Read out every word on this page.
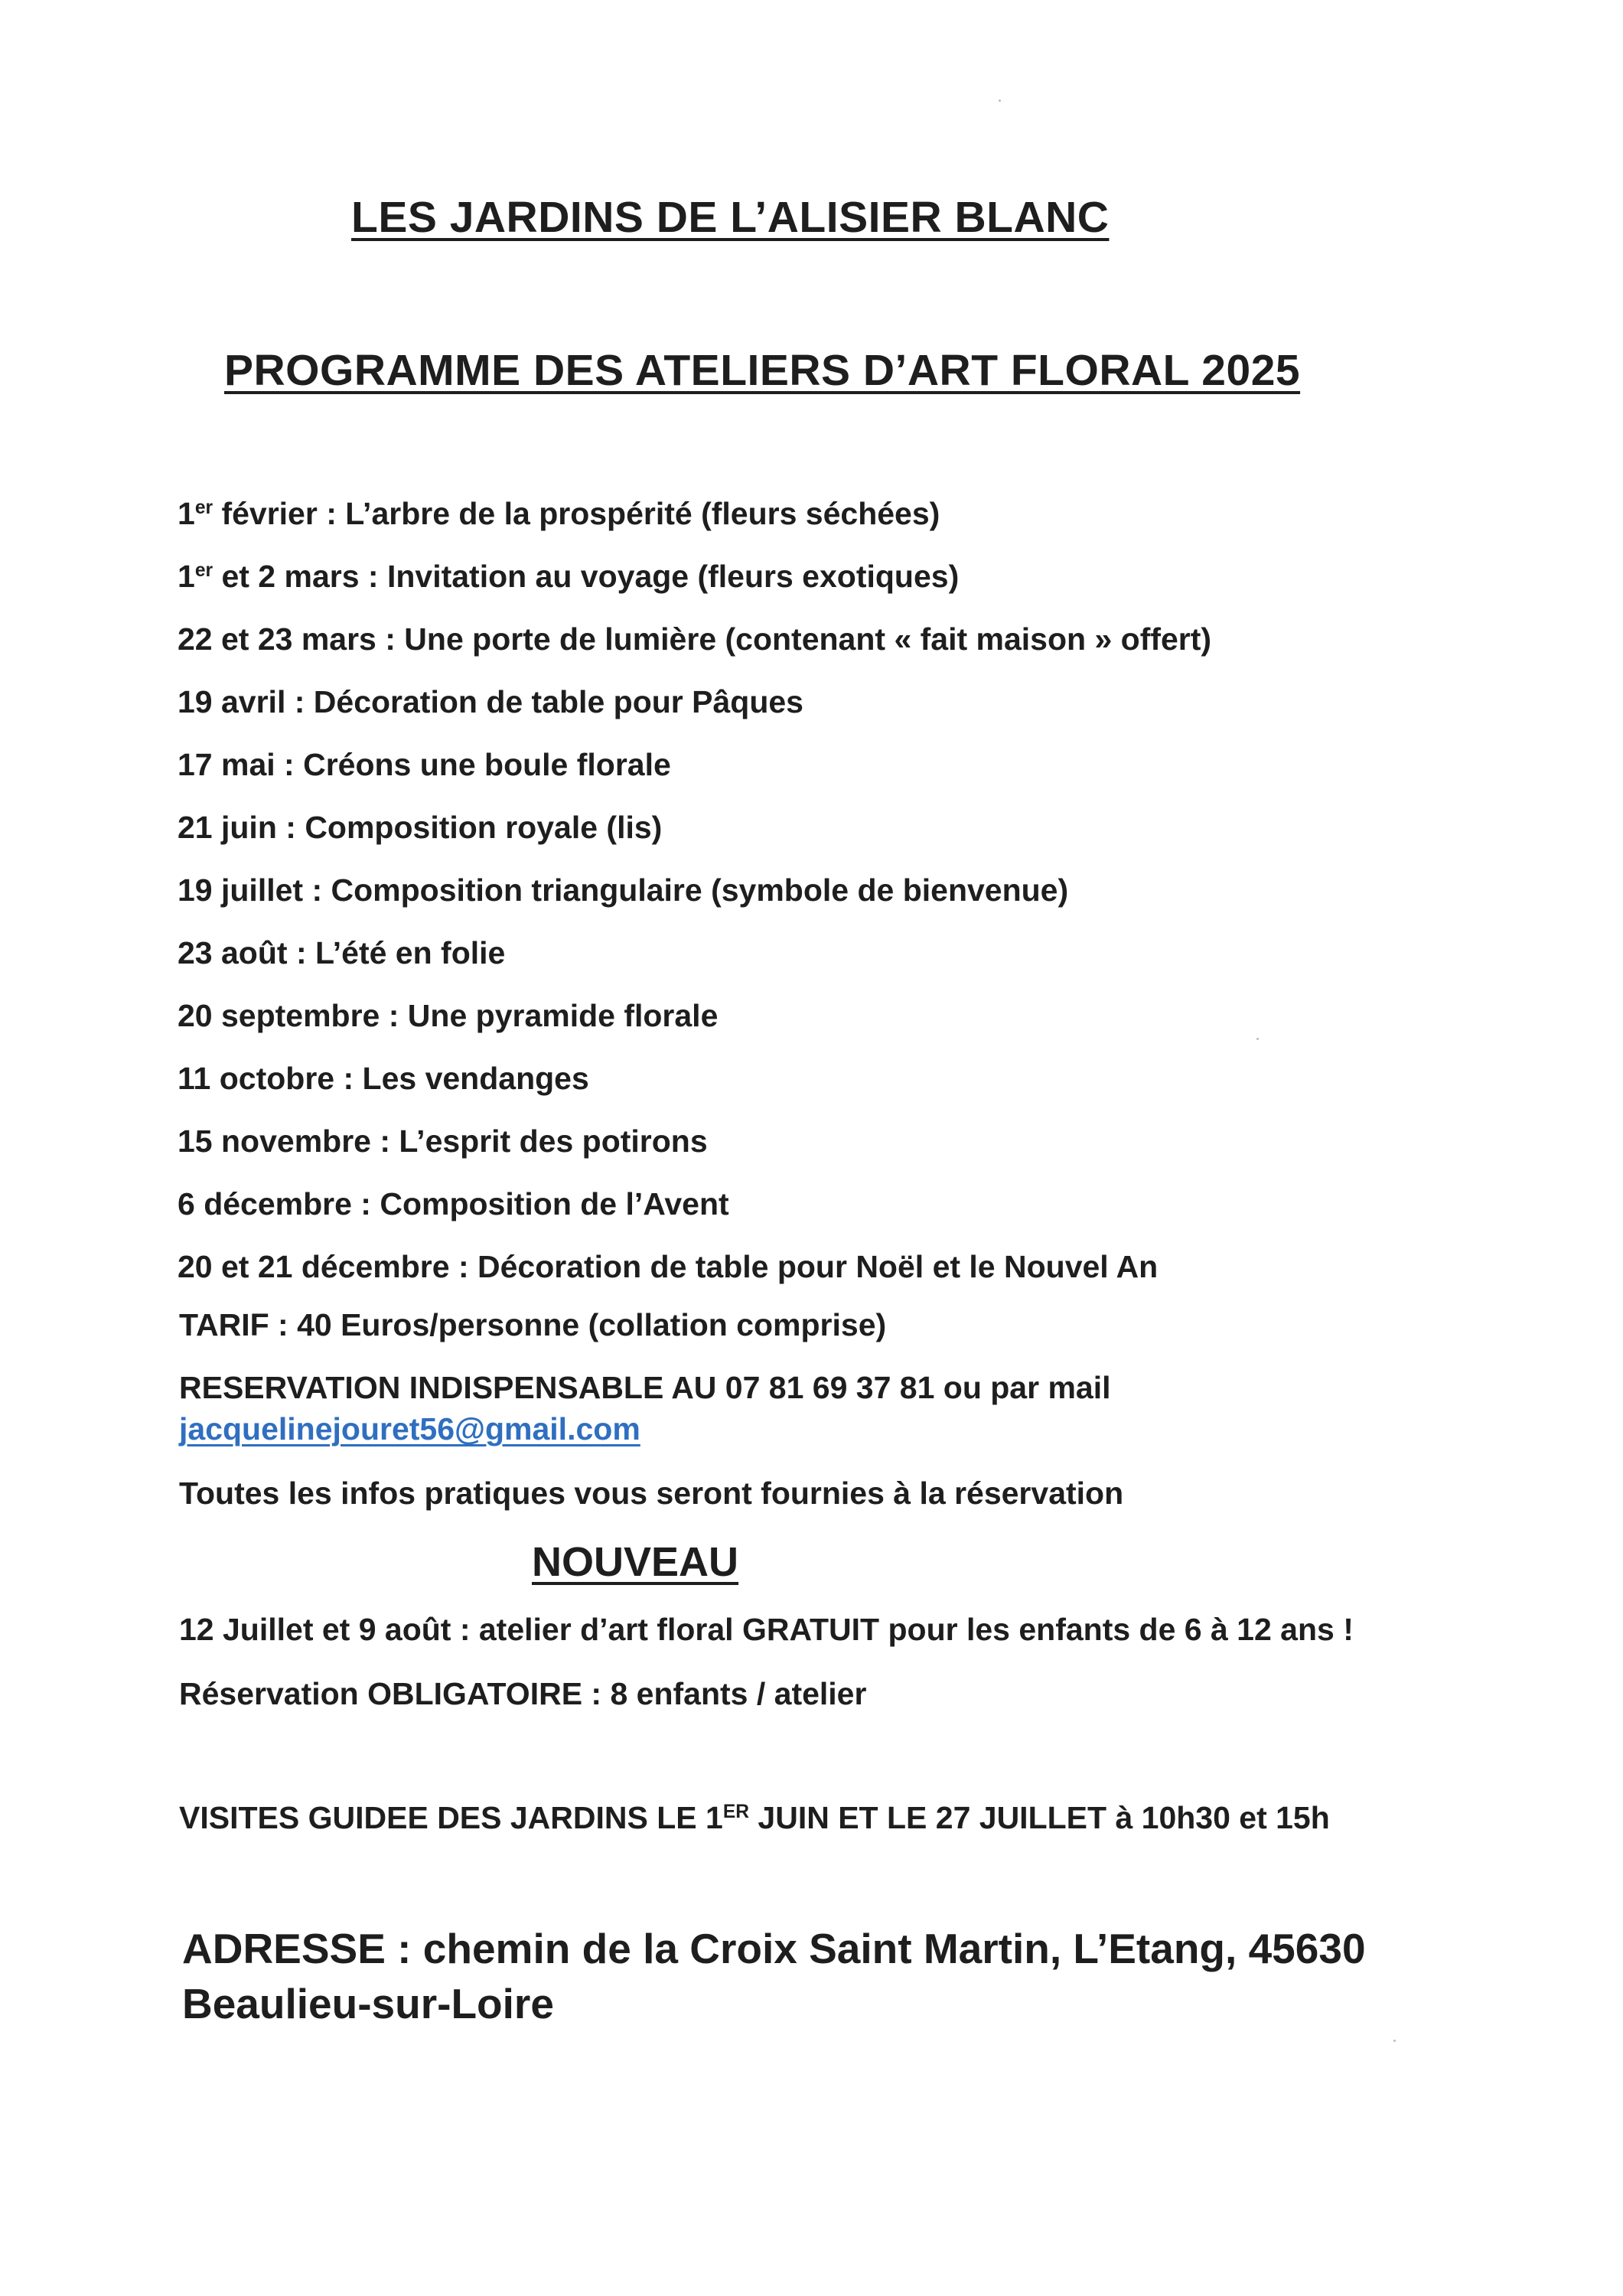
LES JARDINS DE L’ALISIER BLANC
PROGRAMME DES ATELIERS D’ART FLORAL 2025

1er février : L’arbre de la prospérité (fleurs séchées)

1er et 2 mars : Invitation au voyage (fleurs exotiques)

22 et 23 mars : Une porte de lumière (contenant « fait maison » offert)

19 avril : Décoration de table pour Pâques

17 mai : Créons une boule florale

21 juin : Composition royale (lis)

19 juillet : Composition triangulaire (symbole de bienvenue)

23 août : L’été en folie

20 septembre : Une pyramide florale

11 octobre : Les vendanges

15 novembre : L’esprit des potirons

6 décembre : Composition de l’Avent

20 et 21 décembre : Décoration de table pour Noël et le Nouvel An

TARIF : 40 Euros/personne (collation comprise)

RESERVATION INDISPENSABLE AU 07 81 69 37 81 ou par mail

jacquelinejouret56@gmail.com

Toutes les infos pratiques vous seront fournies à la réservation

NOUVEAU

12 Juillet et 9 août : atelier d’art floral GRATUIT pour les enfants de 6 à 12 ans !

Réservation OBLIGATOIRE : 8 enfants / atelier

VISITES GUIDEE DES JARDINS LE 1ER JUIN ET LE 27 JUILLET à 10h30 et 15h

ADRESSE : chemin de la Croix Saint Martin, L’Etang, 45630

Beaulieu-sur-Loire
